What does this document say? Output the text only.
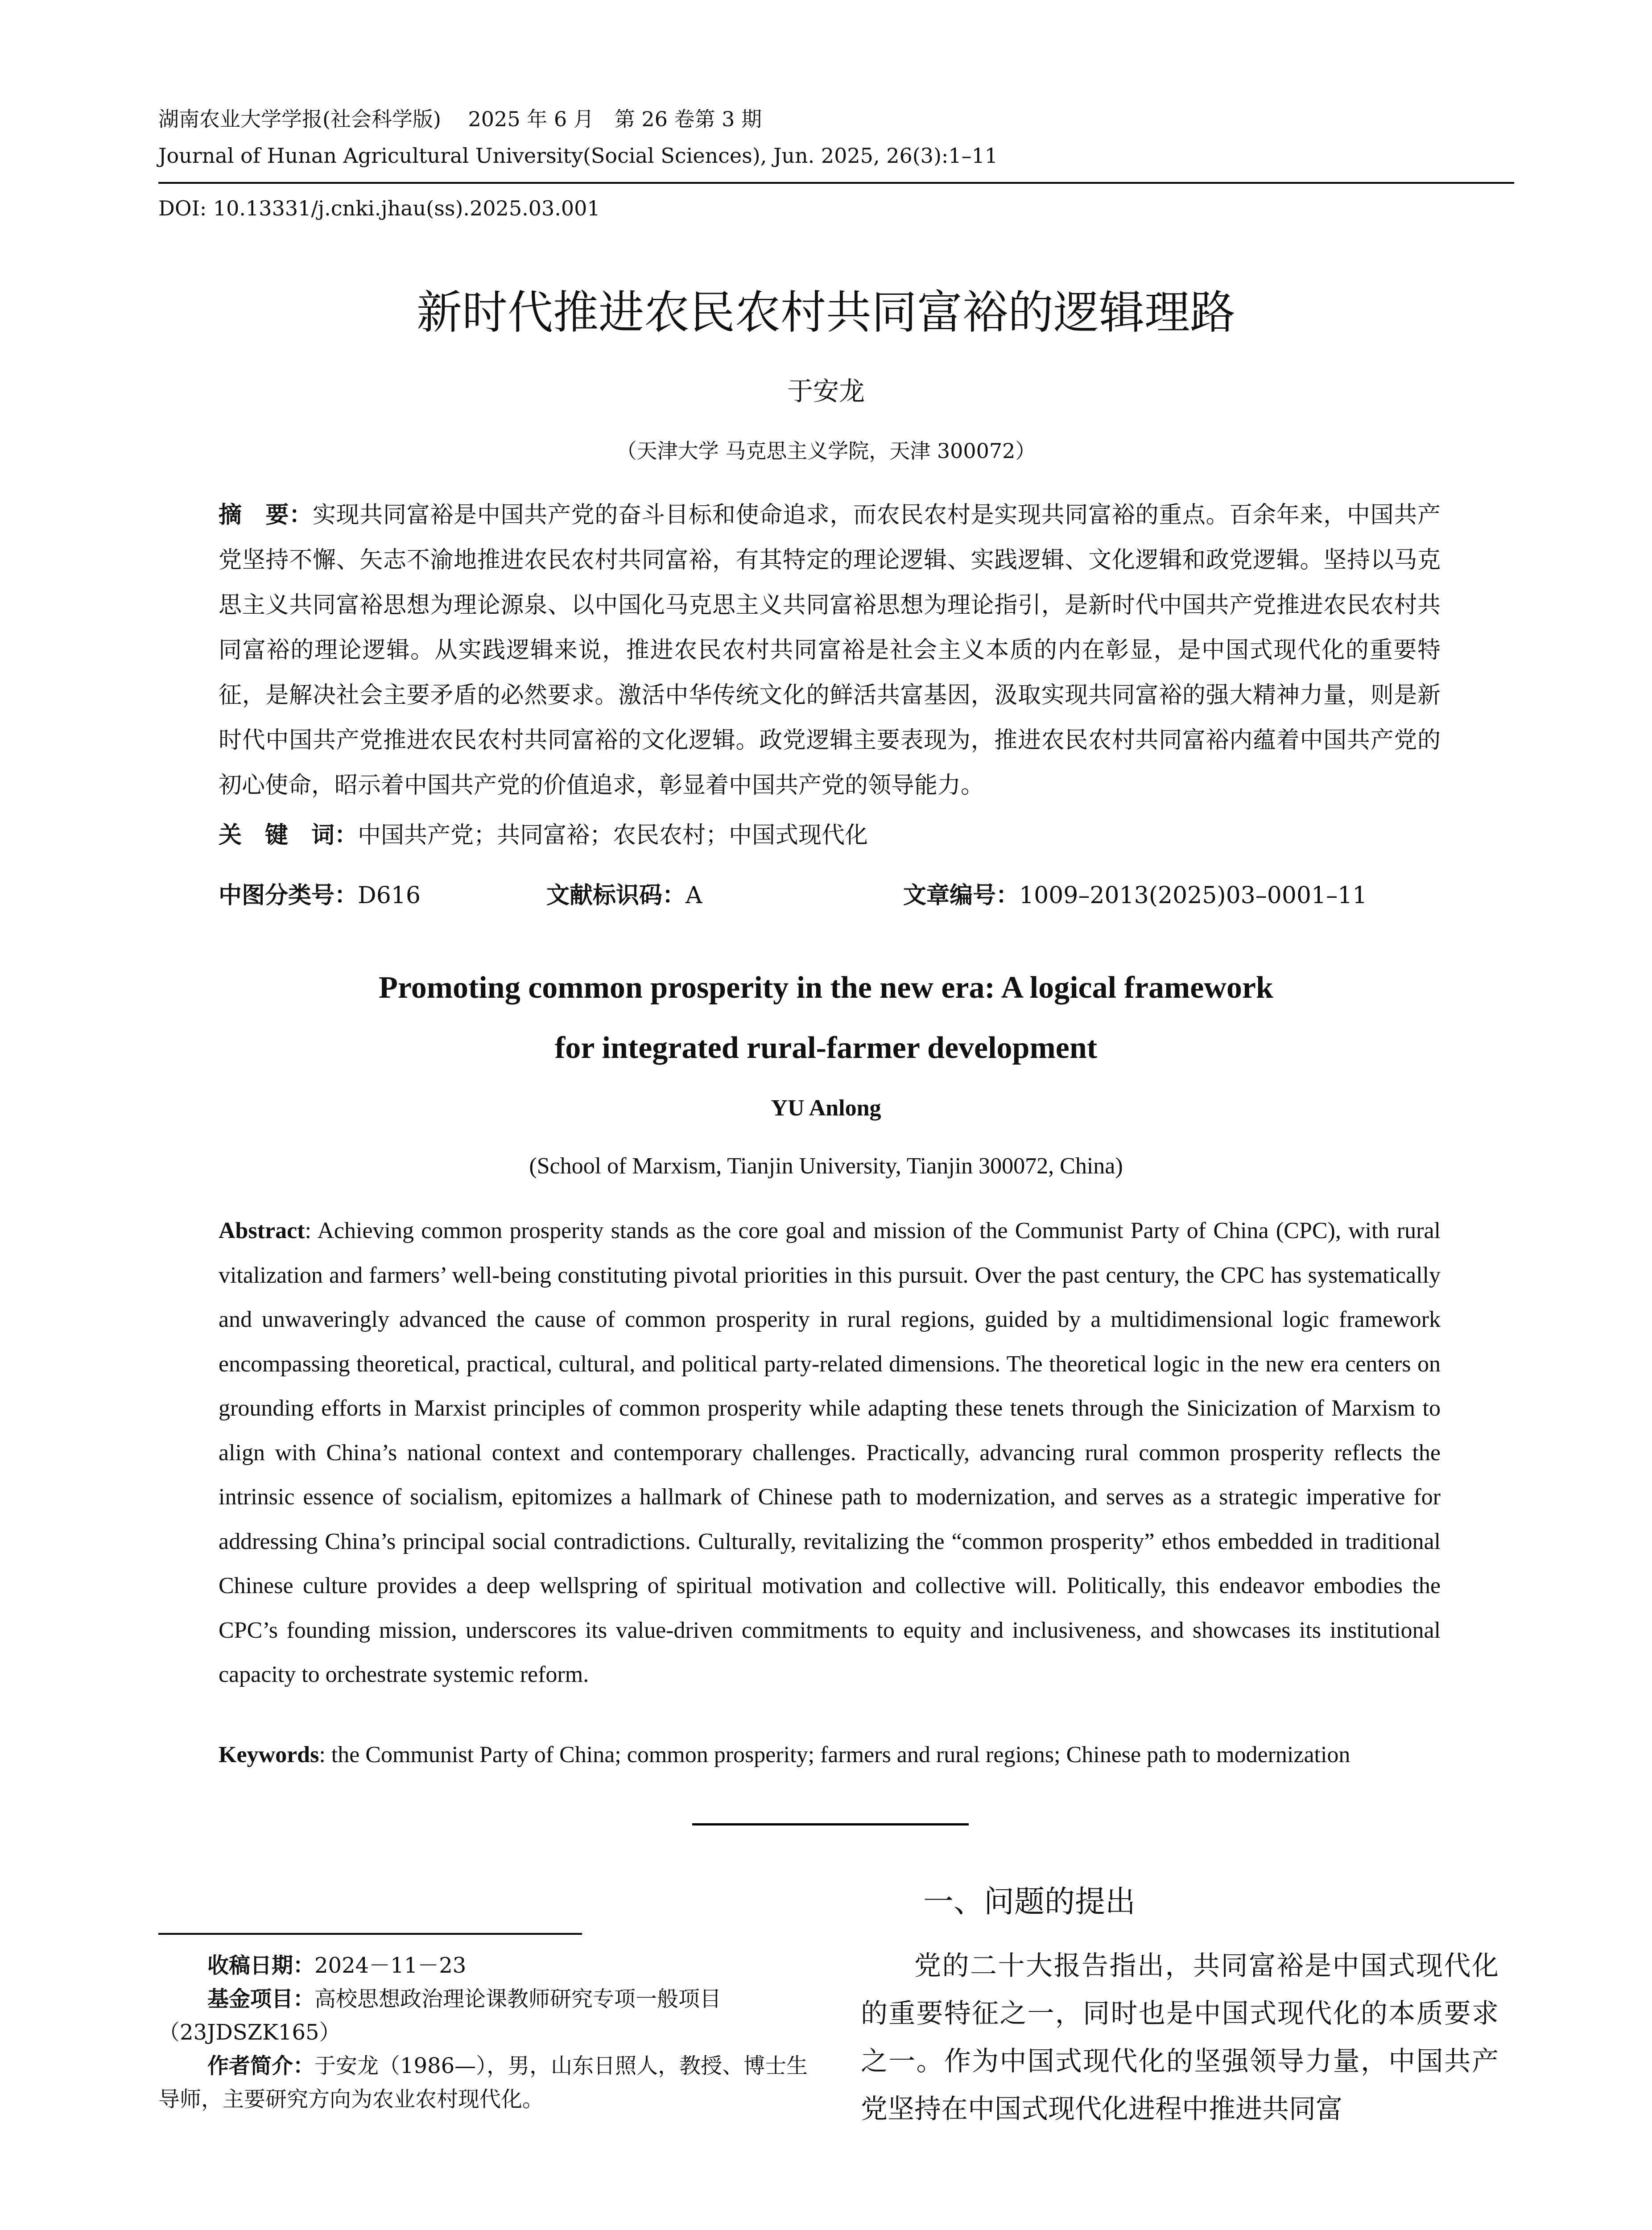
湖南农业大学学报(社会科学版)　 2025 年 6 月　第 26 卷第 3 期
Journal of Hunan Agricultural University(Social Sciences), Jun. 2025, 26(3):1–11
DOI: 10.13331/j.cnki.jhau(ss).2025.03.001
新时代推进农民农村共同富裕的逻辑理路
于安龙
（天津大学 马克思主义学院，天津 300072）
摘　要：实现共同富裕是中国共产党的奋斗目标和使命追求，而农民农村是实现共同富裕的重点。百余年来，中国共产党坚持不懈、矢志不渝地推进农民农村共同富裕，有其特定的理论逻辑、实践逻辑、文化逻辑和政党逻辑。坚持以马克思主义共同富裕思想为理论源泉、以中国化马克思主义共同富裕思想为理论指引，是新时代中国共产党推进农民农村共同富裕的理论逻辑。从实践逻辑来说，推进农民农村共同富裕是社会主义本质的内在彰显，是中国式现代化的重要特征，是解决社会主要矛盾的必然要求。激活中华传统文化的鲜活共富基因，汲取实现共同富裕的强大精神力量，则是新时代中国共产党推进农民农村共同富裕的文化逻辑。政党逻辑主要表现为，推进农民农村共同富裕内蕴着中国共产党的初心使命，昭示着中国共产党的价值追求，彰显着中国共产党的领导能力。
关　键　词：中国共产党；共同富裕；农民农村；中国式现代化
中图分类号：D616	文献标识码：A	文章编号：1009–2013(2025)03–0001–11
Promoting common prosperity in the new era: A logical framework
for integrated rural-farmer development
YU Anlong
(School of Marxism, Tianjin University, Tianjin 300072, China)
Abstract: Achieving common prosperity stands as the core goal and mission of the Communist Party of China (CPC), with rural vitalization and farmers’ well-being constituting pivotal priorities in this pursuit. Over the past century, the CPC has systematically and unwaveringly advanced the cause of common prosperity in rural regions, guided by a multidimensional logic framework encompassing theoretical, practical, cultural, and political party-related dimensions. The theoretical logic in the new era centers on grounding efforts in Marxist principles of common prosperity while adapting these tenets through the Sinicization of Marxism to align with China’s national context and contemporary challenges. Practically, advancing rural common prosperity reflects the intrinsic essence of socialism, epitomizes a hallmark of Chinese path to modernization, and serves as a strategic imperative for addressing China’s principal social contradictions. Culturally, revitalizing the “common prosperity” ethos embedded in traditional Chinese culture provides a deep wellspring of spiritual motivation and collective will. Politically, this endeavor embodies the CPC’s founding mission, underscores its value-driven commitments to equity and inclusiveness, and showcases its institutional capacity to orchestrate systemic reform.
Keywords: the Communist Party of China; common prosperity; farmers and rural regions; Chinese path to modernization

收稿日期：2024－11－23

基金项目：高校思想政治理论课教师研究专项一般项目（23JDSZK165）

作者简介：于安龙（1986—），男，山东日照人，教授、博士生导师，主要研究方向为农业农村现代化。

一、问题的提出
党的二十大报告指出，共同富裕是中国式现代化的重要特征之一，同时也是中国式现代化的本质要求之一。作为中国式现代化的坚强领导力量，中国共产党坚持在中国式现代化进程中推进共同富
